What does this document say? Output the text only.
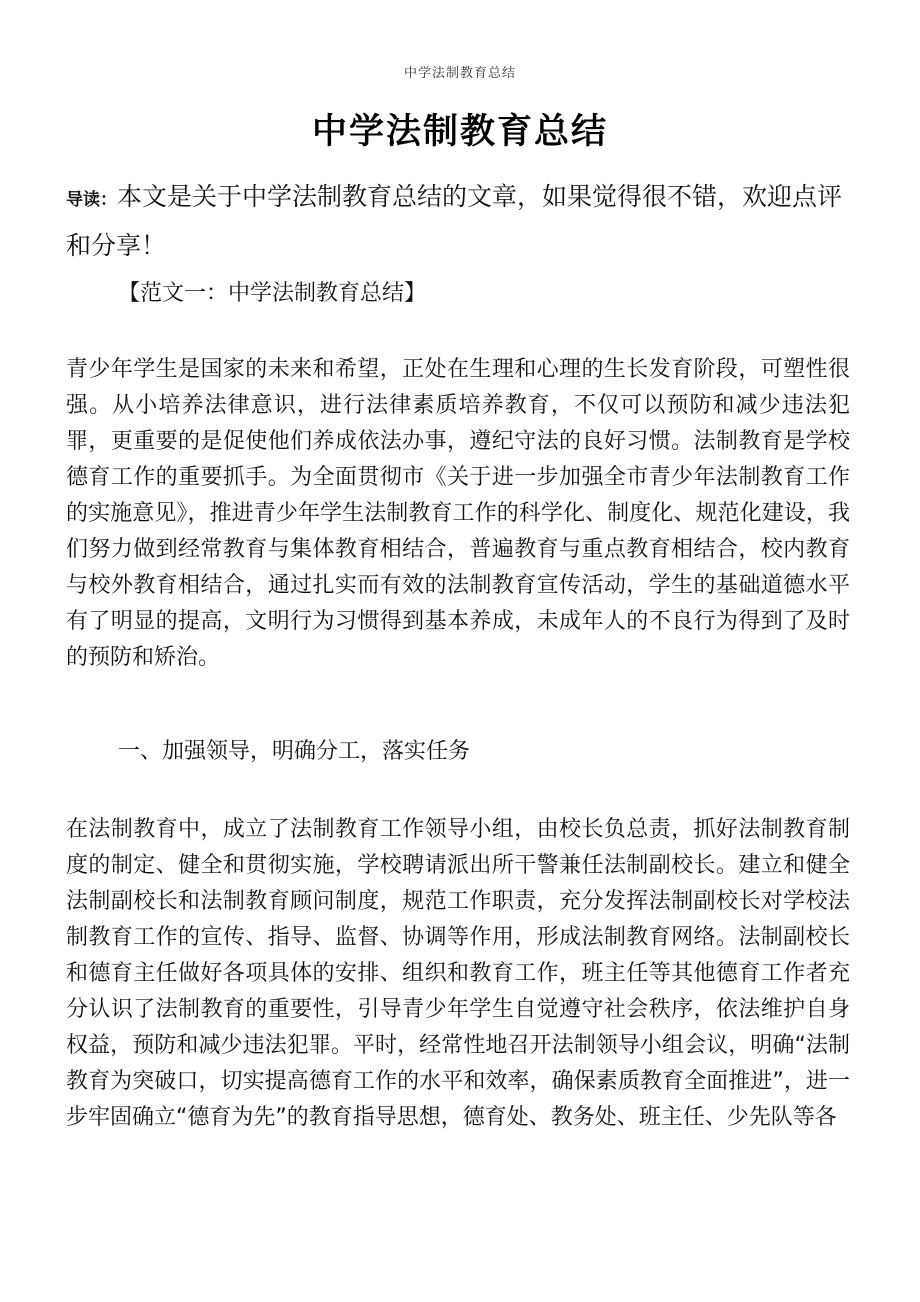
中学法制教育总结
中学法制教育总结
导读：本文是关于中学法制教育总结的文章，如果觉得很不错，欢迎点评和分享！
【范文一：中学法制教育总结】

青少年学生是国家的未来和希望，正处在生理和心理的生长发育阶段，可塑性很强。从小培养法律意识，进行法律素质培养教育，不仅可以预防和减少违法犯罪，更重要的是促使他们养成依法办事，遵纪守法的良好习惯。法制教育是学校德育工作的重要抓手。为全面贯彻市《关于进一步加强全市青少年法制教育工作的实施意见》，推进青少年学生法制教育工作的科学化、制度化、规范化建设，我们努力做到经常教育与集体教育相结合，普遍教育与重点教育相结合，校内教育与校外教育相结合，通过扎实而有效的法制教育宣传活动，学生的基础道德水平有了明显的提高，文明行为习惯得到基本养成，未成年人的不良行为得到了及时的预防和矫治。

一、加强领导，明确分工，落实任务

在法制教育中，成立了法制教育工作领导小组，由校长负总责，抓好法制教育制度的制定、健全和贯彻实施，学校聘请派出所干警兼任法制副校长。建立和健全法制副校长和法制教育顾问制度，规范工作职责，充分发挥法制副校长对学校法制教育工作的宣传、指导、监督、协调等作用，形成法制教育网络。法制副校长和德育主任做好各项具体的安排、组织和教育工作，班主任等其他德育工作者充分认识了法制教育的重要性，引导青少年学生自觉遵守社会秩序，依法维护自身权益，预防和减少违法犯罪。平时，经常性地召开法制领导小组会议，明确“法制教育为突破口，切实提高德育工作的水平和效率，确保素质教育全面推进”，进一步牢固确立“德育为先”的教育指导思想，德育处、教务处、班主任、少先队等各
